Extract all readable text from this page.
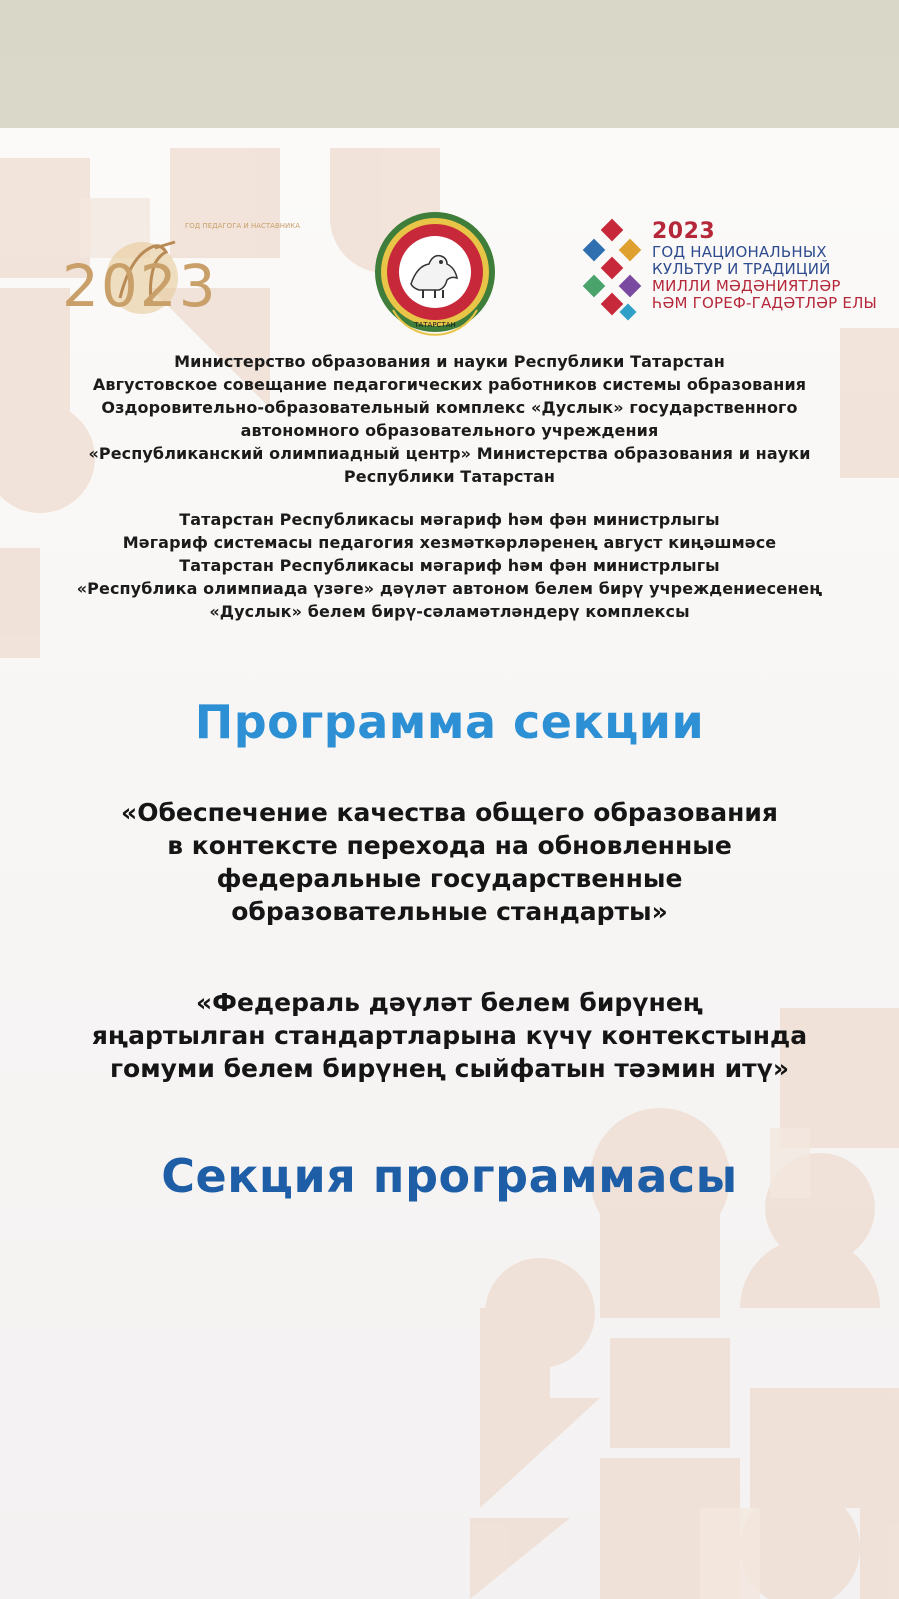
2023
ГОД ПЕДАГОГА И НАСТАВНИКА
ТАТАРСТАН
2023
ГОД НАЦИОНАЛЬНЫХ
КУЛЬТУР И ТРАДИЦИЙ
МИЛЛИ МӘДӘНИЯТЛӘР
ҺӘМ ГОРЕФ-ГАДӘТЛӘР ЕЛЫ
Министерство образования и науки Республики Татарстан
Августовское совещание педагогических работников системы образования
Оздоровительно-образовательный комплекс «Дуслык» государственного
автономного образовательного учреждения
«Республиканский олимпиадный центр» Министерства образования и науки
Республики Татарстан
Татарстан Республикасы мәгариф һәм фән министрлыгы
Мәгариф системасы педагогия хезмәткәрләренең август киңәшмәсе
Татарстан Республикасы мәгариф һәм фән министрлыгы
«Республика олимпиада үзәге» дәүләт автоном белем бирү учреждениесенең
«Дуслык» белем бирү-сәламәтләндерү комплексы
Программа секции
«Обеспечение качества общего образования
в контексте перехода на обновленные
федеральные государственные
образовательные стандарты»
«Федераль дәүләт белем бирүнең
яңартылган стандартларына күчү контекстында
гомуми белем бирүнең сыйфатын тәэмин итү»
Секция программасы
